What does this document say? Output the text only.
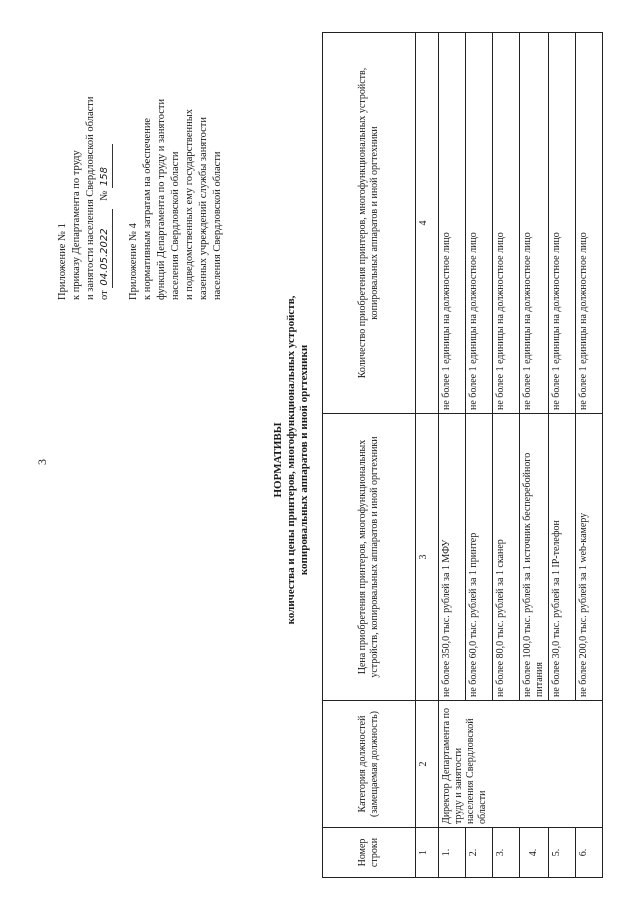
3
Приложение № 1 к приказу Департамента по труду и занятости населения Свердловской области от 04.05.2022   № 158
Приложение № 4 к нормативным затратам на обеспечение функций Департамента по труду и занятости населения Свердловской области и подведомственных ему государственных казенных учреждений службы занятости населения Свердловской области
НОРМАТИВЫ количества и цены принтеров, многофункциональных устройств, копировальных аппаратов и иной оргтехники
Номер строки	Категория должностей (замещаемая должность)	Цена приобретения принтеров, многофункциональных устройств, копировальных аппаратов и иной оргтехники	Количество приобретения принтеров, многофункциональных устройств, копировальных аппаратов и иной оргтехники
1	2	3	4
1.	Директор Департамента по труду и занятости населения Свердловской области	не более 350,0 тыс. рублей за 1 МФУ	не более 1 единицы на должностное лицо
2.		не более 60,0 тыс. рублей за 1 принтер	не более 1 единицы на должностное лицо
3.		не более 80,0 тыс. рублей за 1 сканер	не более 1 единицы на должностное лицо
4.		не более 100,0 тыс. рублей за 1 источник бесперебойного питания	не более 1 единицы на должностное лицо
5.		не более 30,0 тыс. рублей за 1 IP-телефон	не более 1 единицы на должностное лицо
6.		не более 200,0 тыс. рублей за 1 web-камеру	не более 1 единицы на должностное лицо
